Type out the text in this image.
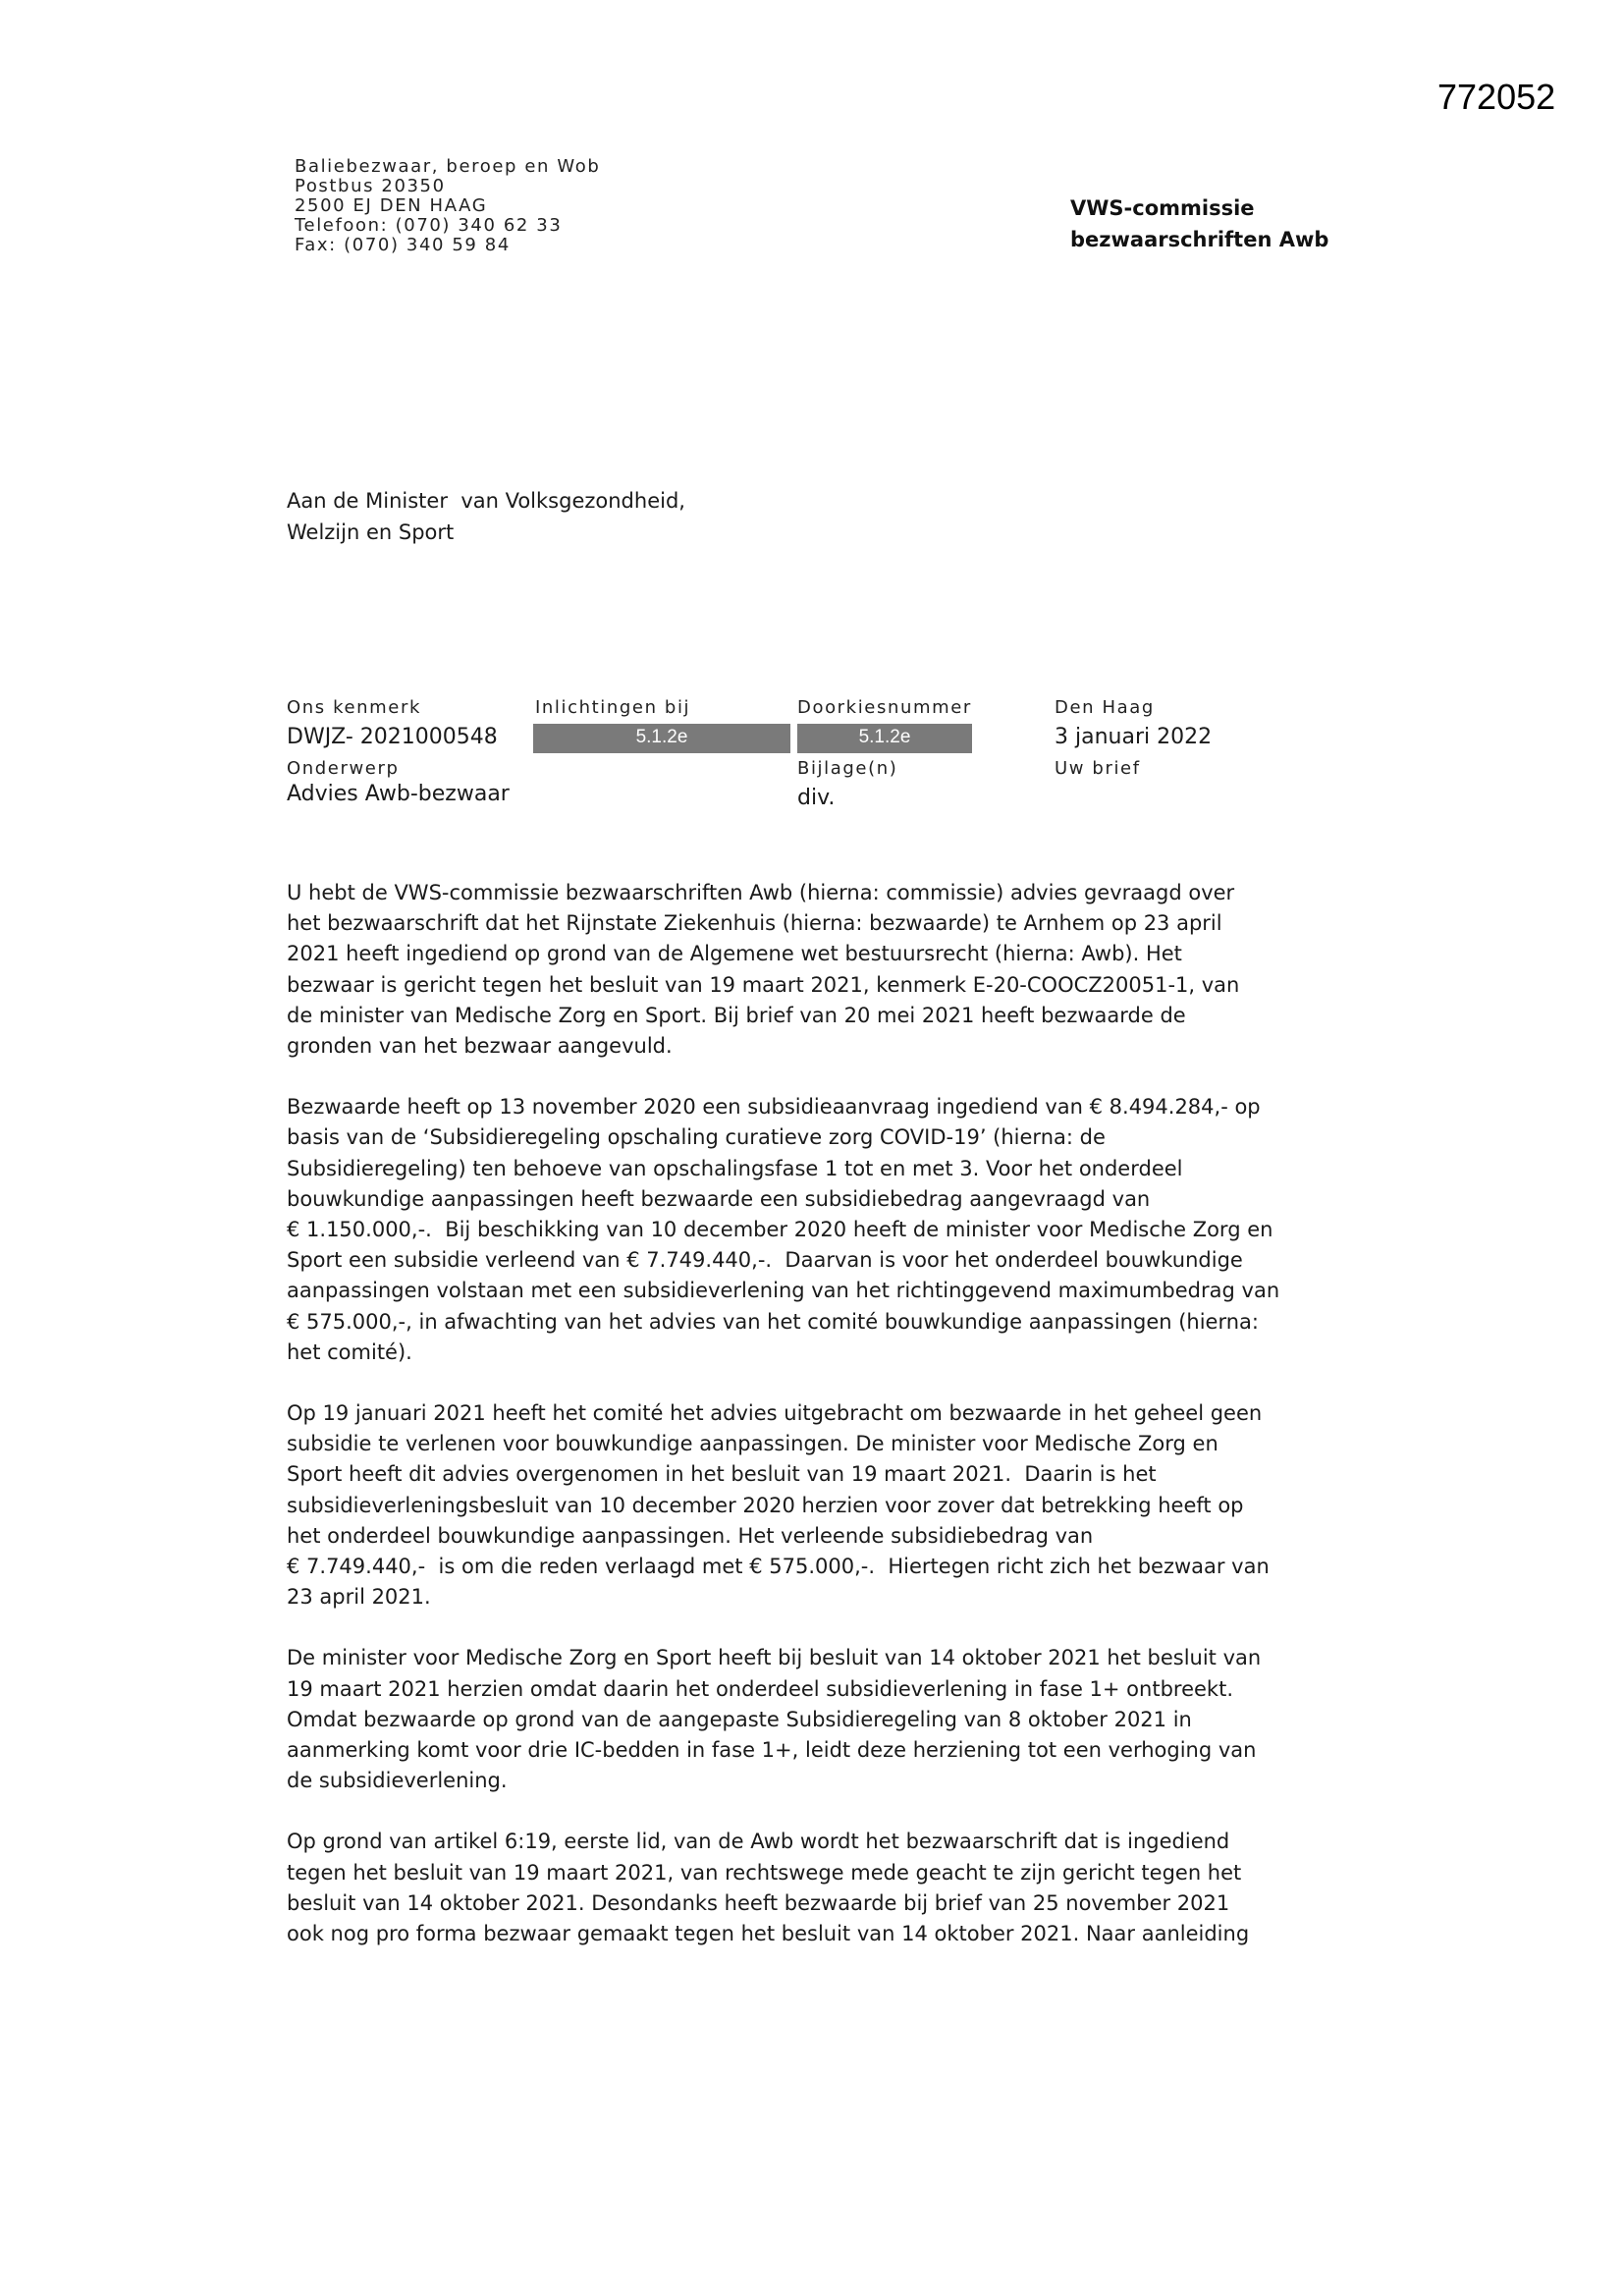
772052
Baliebezwaar, beroep en Wob
Postbus 20350
2500 EJ DEN HAAG
Telefoon: (070) 340 62 33
Fax: (070) 340 59 84
VWS-commissie
bezwaarschriften Awb
Aan de Minister  van Volksgezondheid,
Welzijn en Sport
Ons kenmerk
DWJZ- 2021000548
Inlichtingen bij
5.1.2e
Doorkiesnummer
5.1.2e
Den Haag
3 januari 2022
Onderwerp
Advies Awb-bezwaar
Bijlage(n)
div.
Uw brief
U hebt de VWS-commissie bezwaarschriften Awb (hierna: commissie) advies gevraagd over
het bezwaarschrift dat het Rijnstate Ziekenhuis (hierna: bezwaarde) te Arnhem op 23 april
2021 heeft ingediend op grond van de Algemene wet bestuursrecht (hierna: Awb). Het
bezwaar is gericht tegen het besluit van 19 maart 2021, kenmerk E-20-COOCZ20051-1, van
de minister van Medische Zorg en Sport. Bij brief van 20 mei 2021 heeft bezwaarde de
gronden van het bezwaar aangevuld.
Bezwaarde heeft op 13 november 2020 een subsidieaanvraag ingediend van € 8.494.284,- op
basis van de ‘Subsidieregeling opschaling curatieve zorg COVID-19’ (hierna: de
Subsidieregeling) ten behoeve van opschalingsfase 1 tot en met 3. Voor het onderdeel
bouwkundige aanpassingen heeft bezwaarde een subsidiebedrag aangevraagd van
€ 1.150.000,-.  Bij beschikking van 10 december 2020 heeft de minister voor Medische Zorg en
Sport een subsidie verleend van € 7.749.440,-.  Daarvan is voor het onderdeel bouwkundige
aanpassingen volstaan met een subsidieverlening van het richtinggevend maximumbedrag van
€ 575.000,-, in afwachting van het advies van het comité bouwkundige aanpassingen (hierna:
het comité).
Op 19 januari 2021 heeft het comité het advies uitgebracht om bezwaarde in het geheel geen
subsidie te verlenen voor bouwkundige aanpassingen. De minister voor Medische Zorg en
Sport heeft dit advies overgenomen in het besluit van 19 maart 2021.  Daarin is het
subsidieverleningsbesluit van 10 december 2020 herzien voor zover dat betrekking heeft op
het onderdeel bouwkundige aanpassingen. Het verleende subsidiebedrag van
€ 7.749.440,-  is om die reden verlaagd met € 575.000,-.  Hiertegen richt zich het bezwaar van
23 april 2021.
De minister voor Medische Zorg en Sport heeft bij besluit van 14 oktober 2021 het besluit van
19 maart 2021 herzien omdat daarin het onderdeel subsidieverlening in fase 1+ ontbreekt.
Omdat bezwaarde op grond van de aangepaste Subsidieregeling van 8 oktober 2021 in
aanmerking komt voor drie IC-bedden in fase 1+, leidt deze herziening tot een verhoging van
de subsidieverlening.
Op grond van artikel 6:19, eerste lid, van de Awb wordt het bezwaarschrift dat is ingediend
tegen het besluit van 19 maart 2021, van rechtswege mede geacht te zijn gericht tegen het
besluit van 14 oktober 2021. Desondanks heeft bezwaarde bij brief van 25 november 2021
ook nog pro forma bezwaar gemaakt tegen het besluit van 14 oktober 2021. Naar aanleiding
